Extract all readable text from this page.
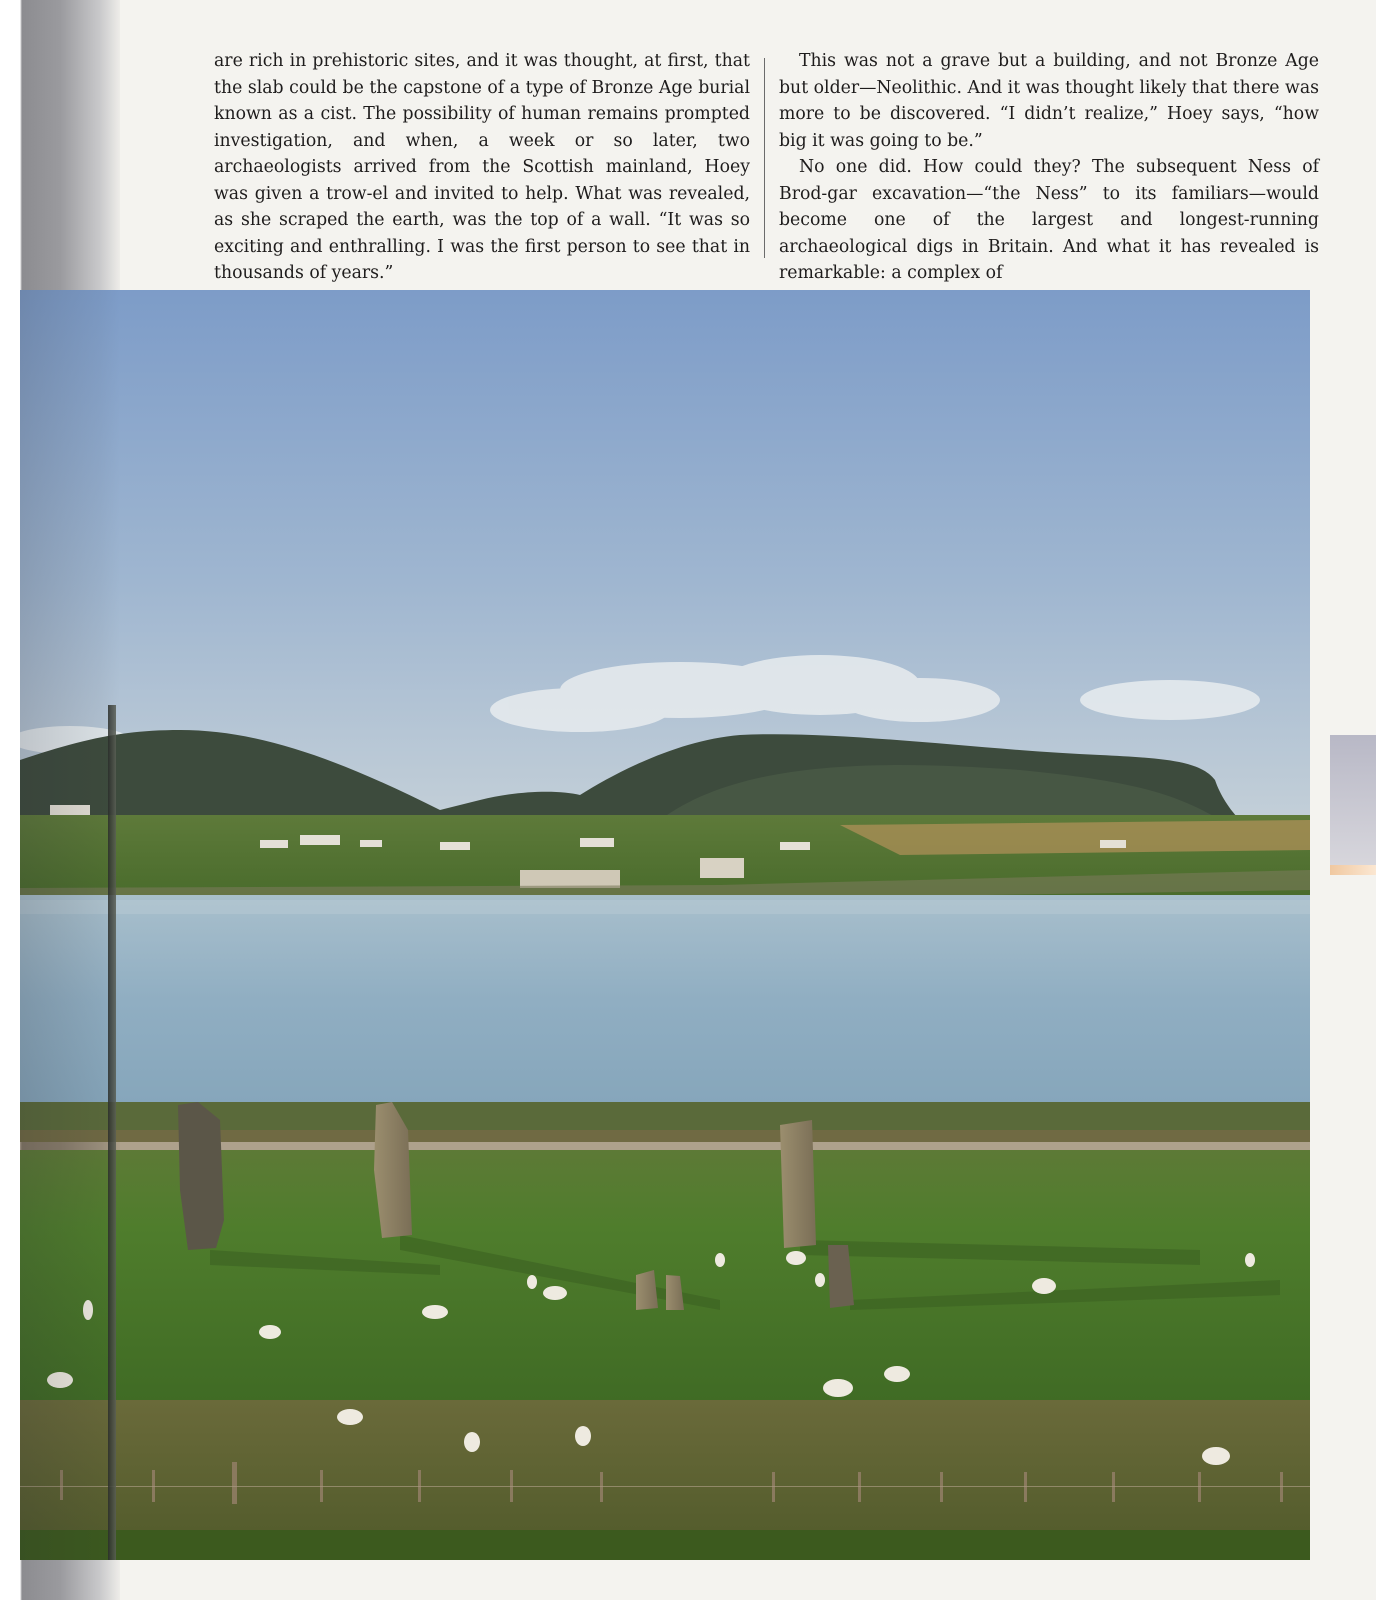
are rich in prehistoric sites, and it was thought, at first, that the slab could be the capstone of a type of Bronze Age burial known as a cist. The possibility of human remains prompted investigation, and when, a week or so later, two archaeologists arrived from the Scottish mainland, Hoey was given a trow-el and invited to help. What was revealed, as she scraped the earth, was the top of a wall. “It was so exciting and enthralling. I was the first person to see that in thousands of years.”

This was not a grave but a building, and not Bronze Age but older—Neolithic. And it was thought likely that there was more to be discovered. “I didn’t realize,” Hoey says, “how big it was going to be.”

No one did. How could they? The subsequent Ness of Brod-gar excavation—“the Ness” to its familiars—would become one of the largest and longest-running archaeological digs in Britain. And what it has revealed is remarkable: a complex of
